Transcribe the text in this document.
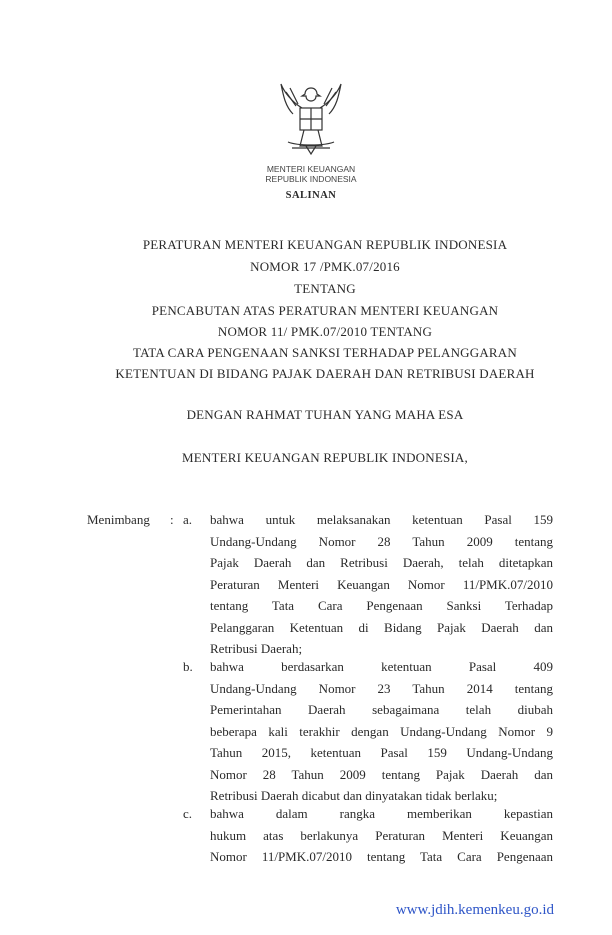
MENTERI KEUANGAN
REPUBLIK INDONESIA
SALINAN
PERATURAN MENTERI KEUANGAN REPUBLIK INDONESIA
NOMOR 17 /PMK.07/2016
TENTANG
PENCABUTAN ATAS PERATURAN MENTERI KEUANGAN
NOMOR 11/ PMK.07/2010 TENTANG
TATA CARA PENGENAAN SANKSI TERHADAP PELANGGARAN
KETENTUAN DI BIDANG PAJAK DAERAH DAN RETRIBUSI DAERAH
DENGAN RAHMAT TUHAN YANG MAHA ESA
MENTERI KEUANGAN REPUBLIK INDONESIA,
Menimbang : a.
b.
c.
bahwa untuk melaksanakan ketentuan Pasal 159
Undang-Undang Nomor 28 Tahun 2009 tentang
Pajak Daerah dan Retribusi Daerah, telah ditetapkan
Peraturan Menteri Keuangan Nomor 11/PMK.07/2010
tentang Tata Cara Pengenaan Sanksi Terhadap
Pelanggaran Ketentuan di Bidang Pajak Daerah dan
Retribusi Daerah;
bahwa berdasarkan ketentuan Pasal 409
Undang-Undang Nomor 23 Tahun 2014 tentang
Pemerintahan Daerah sebagaimana telah diubah
beberapa kali terakhir dengan Undang-Undang Nomor 9
Tahun 2015, ketentuan Pasal 159 Undang-Undang
Nomor 28 Tahun 2009 tentang Pajak Daerah dan
Retribusi Daerah dicabut dan dinyatakan tidak berlaku;
bahwa dalam rangka memberikan kepastian
hukum atas berlakunya Peraturan Menteri Keuangan
Nomor 11/PMK.07/2010 tentang Tata Cara Pengenaan
www.jdih.kemenkeu.go.id
